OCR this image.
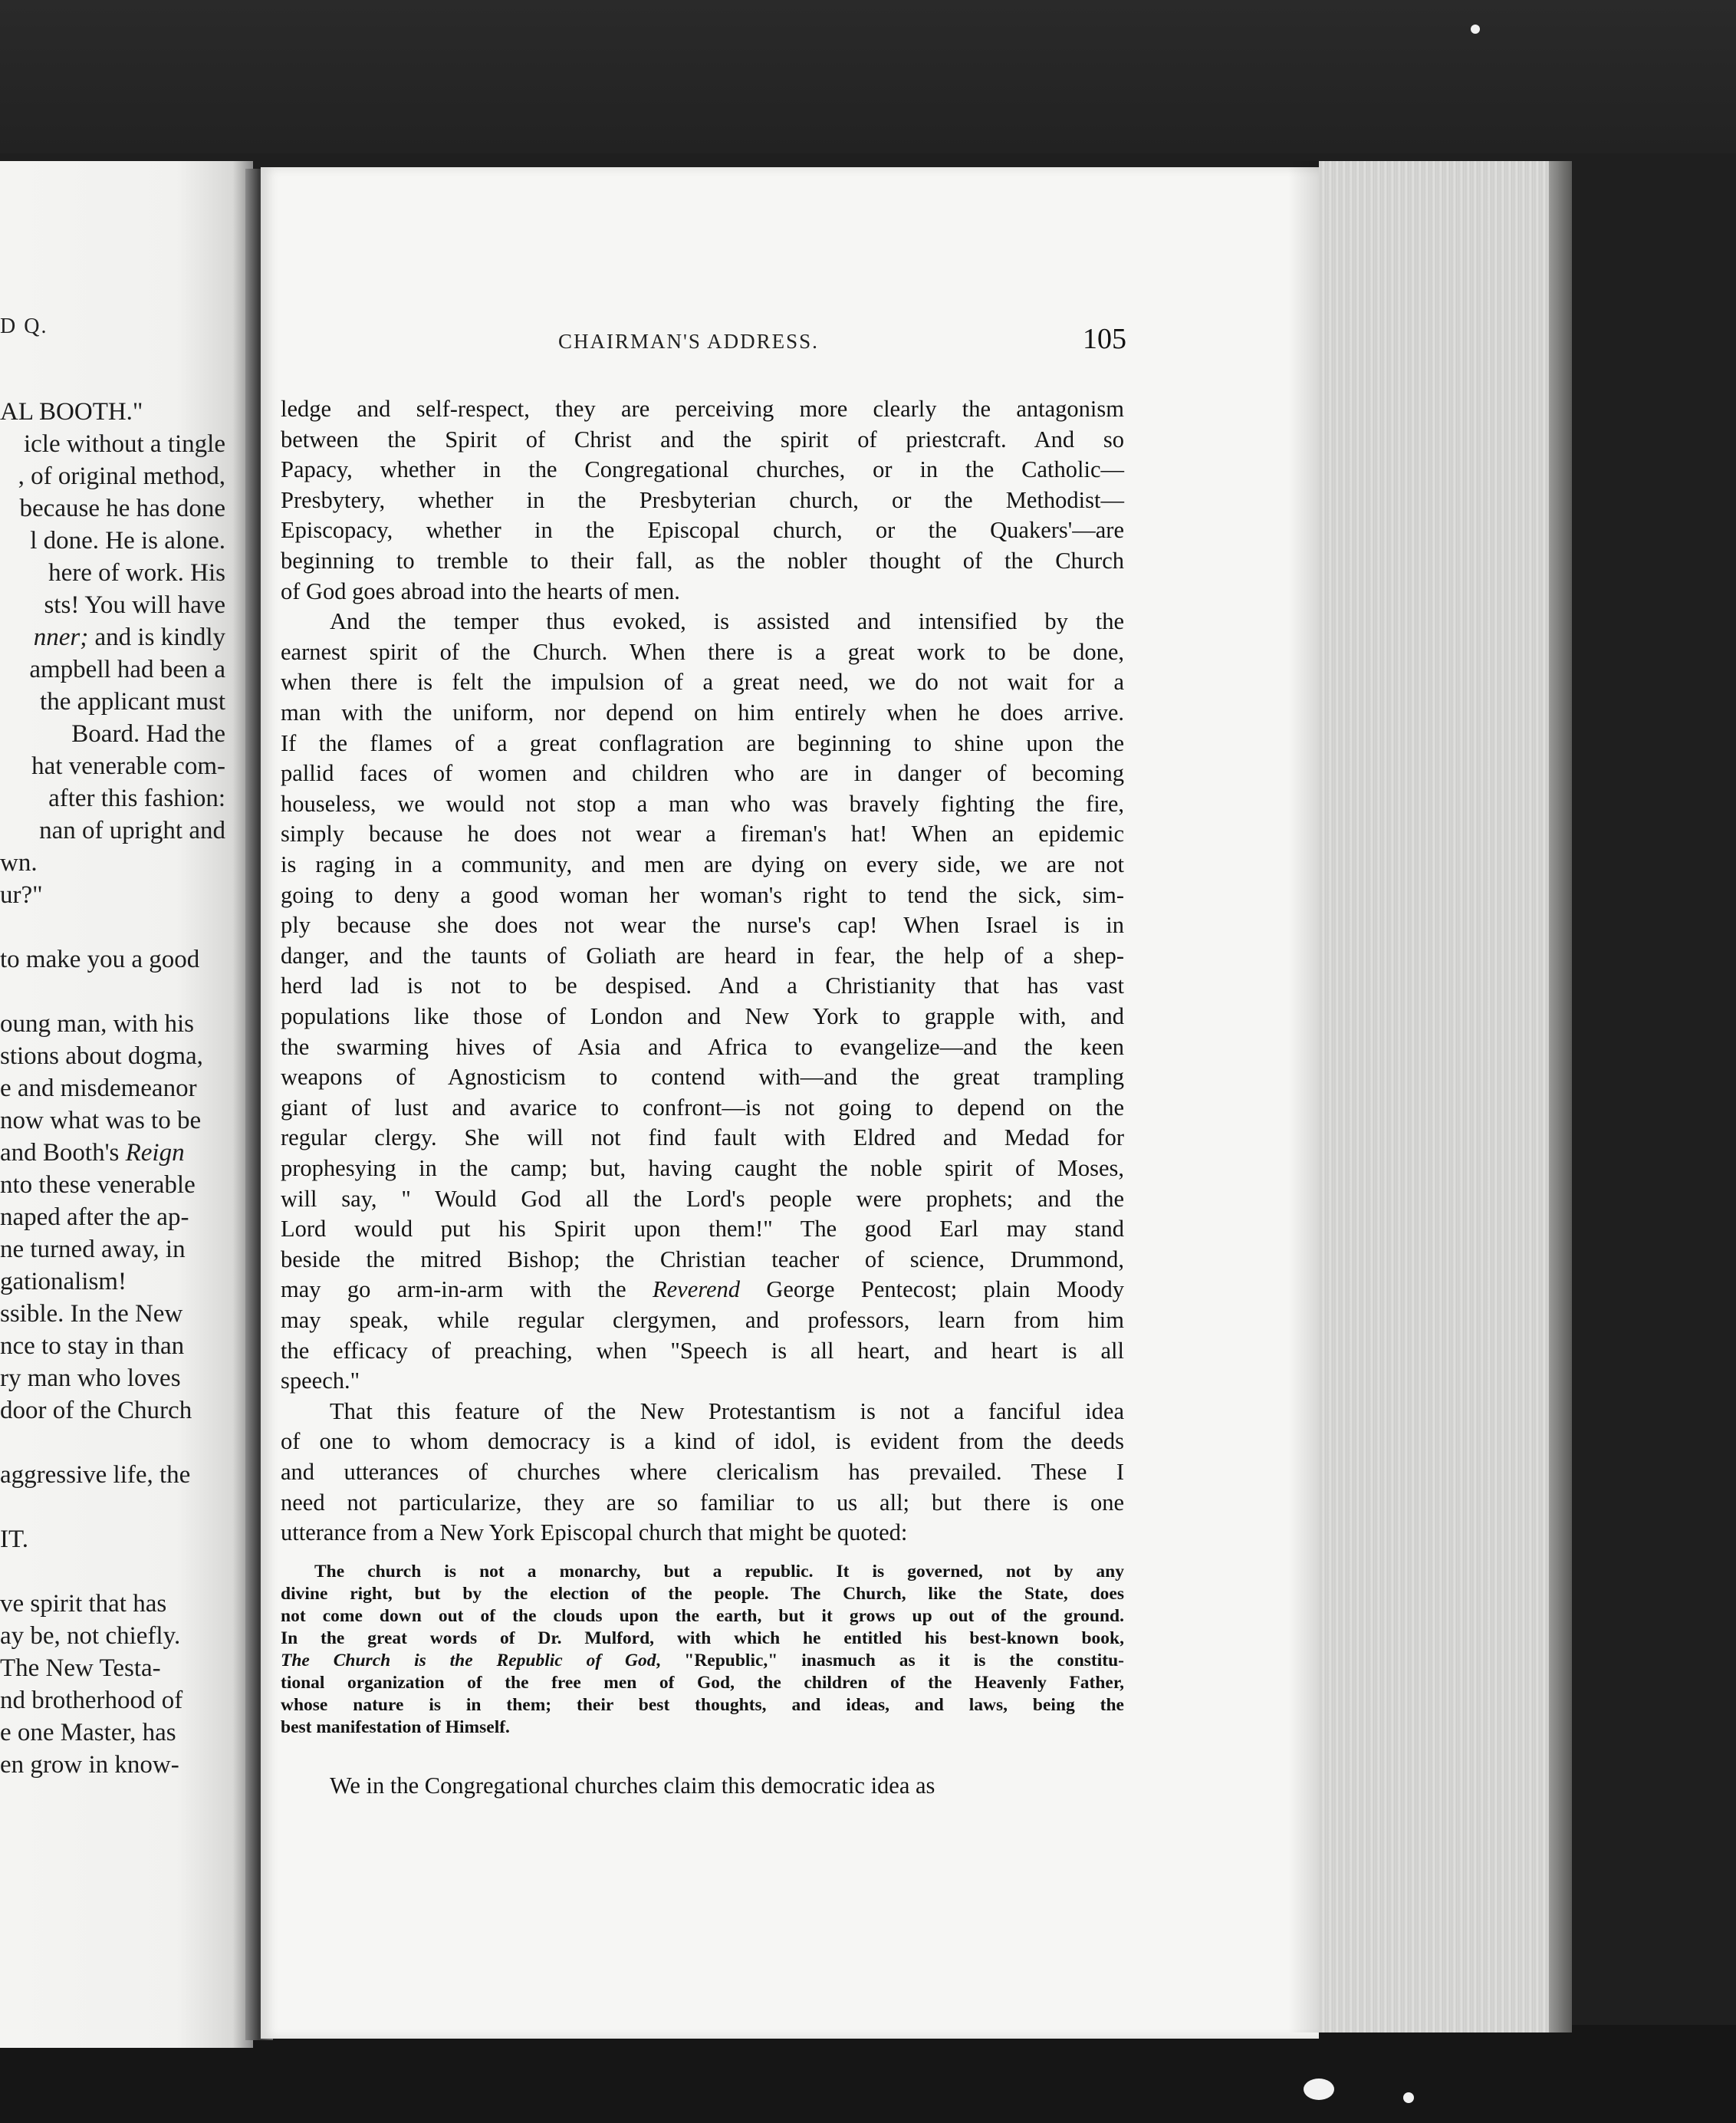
D Q.
AL BOOTH."
icle without a tingle
, of original method,
because he has done
l done. He is alone.
here of work. His
sts! You will have
nner; and is kindly
ampbell had been a
the applicant must
Board. Had the
hat venerable com-
after this fashion:
nan of upright and
wn.
ur?"
to make you a good
oung man, with his
stions about dogma,
e and misdemeanor
now what was to be
and Booth's Reign
nto these venerable
naped after the ap-
ne turned away, in
gationalism!
ssible. In the New
nce to stay in than
ry man who loves
door of the Church
aggressive life, the
IT.
ve spirit that has
ay be, not chiefly.
The New Testa-
nd brotherhood of
e one Master, has
en grow in know-
CHAIRMAN'S ADDRESS.	105
ledge and self-respect, they are perceiving more clearly the antagonism
between the Spirit of Christ and the spirit of priestcraft. And so
Papacy, whether in the Congregational churches, or in the Catholic—
Presbytery, whether in the Presbyterian church, or the Methodist—
Episcopacy, whether in the Episcopal church, or the Quakers'—are
beginning to tremble to their fall, as the nobler thought of the Church
of God goes abroad into the hearts of men.
And the temper thus evoked, is assisted and intensified by the
earnest spirit of the Church. When there is a great work to be done,
when there is felt the impulsion of a great need, we do not wait for a
man with the uniform, nor depend on him entirely when he does arrive.
If the flames of a great conflagration are beginning to shine upon the
pallid faces of women and children who are in danger of becoming
houseless, we would not stop a man who was bravely fighting the fire,
simply because he does not wear a fireman's hat! When an epidemic
is raging in a community, and men are dying on every side, we are not
going to deny a good woman her woman's right to tend the sick, sim-
ply because she does not wear the nurse's cap! When Israel is in
danger, and the taunts of Goliath are heard in fear, the help of a shep-
herd lad is not to be despised. And a Christianity that has vast
populations like those of London and New York to grapple with, and
the swarming hives of Asia and Africa to evangelize—and the keen
weapons of Agnosticism to contend with—and the great trampling
giant of lust and avarice to confront—is not going to depend on the
regular clergy. She will not find fault with Eldred and Medad for
prophesying in the camp; but, having caught the noble spirit of Moses,
will say, " Would God all the Lord's people were prophets; and the
Lord would put his Spirit upon them!" The good Earl may stand
beside the mitred Bishop; the Christian teacher of science, Drummond,
may go arm-in-arm with the Reverend George Pentecost; plain Moody
may speak, while regular clergymen, and professors, learn from him
the efficacy of preaching, when "Speech is all heart, and heart is all
speech."
That this feature of the New Protestantism is not a fanciful idea
of one to whom democracy is a kind of idol, is evident from the deeds
and utterances of churches where clericalism has prevailed. These I
need not particularize, they are so familiar to us all; but there is one
utterance from a New York Episcopal church that might be quoted:
The church is not a monarchy, but a republic. It is governed, not by any
divine right, but by the election of the people. The Church, like the State, does
not come down out of the clouds upon the earth, but it grows up out of the ground.
In the great words of Dr. Mulford, with which he entitled his best-known book,
The Church is the Republic of God, "Republic," inasmuch as it is the constitu-
tional organization of the free men of God, the children of the Heavenly Father,
whose nature is in them; their best thoughts, and ideas, and laws, being the
best manifestation of Himself.
We in the Congregational churches claim this democratic idea as
